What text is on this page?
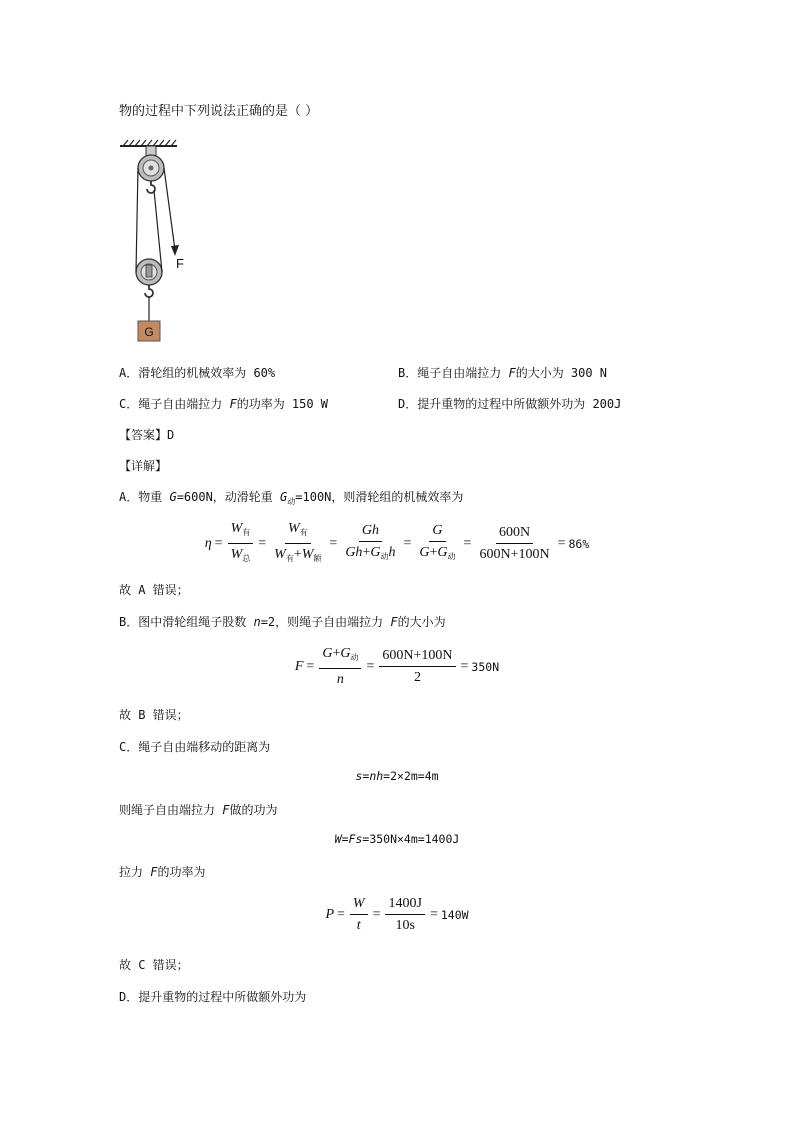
物的过程中下列说法正确的是（ ）
F
G
A．滑轮组的机械效率为 60%	B．绳子自由端拉力 F的大小为 300 N
C．绳子自由端拉力 F的功率为 150 W	D．提升重物的过程中所做额外功为 200J
【答案】D
【详解】
A．物重 G=600N，动滑轮重 $G_动=100N$，则滑轮组的机械效率为
$\eta = \frac{W_有}{W_总} = \frac{W_有}{W_有+W_额} = \frac{Gh}{Gh+G_动h} = \frac{G}{G+G_动} = \frac{600N}{600N+100N} = 86\%$
故 A 错误；
B．图中滑轮组绳子股数 n=2，则绳子自由端拉力 F的大小为
$F = \frac{G+G_动}{n} = \frac{600N+100N}{2} = 350N$
故 B 错误；
C．绳子自由端移动的距离为
s=nh=2×2m=4m
则绳子自由端拉力 F做的功为
W=Fs=350N×4m=1400J
拉力 F的功率为
$P = \frac{W}{t} = \frac{1400J}{10s} = 140W$
故 C 错误；
D．提升重物的过程中所做额外功为
